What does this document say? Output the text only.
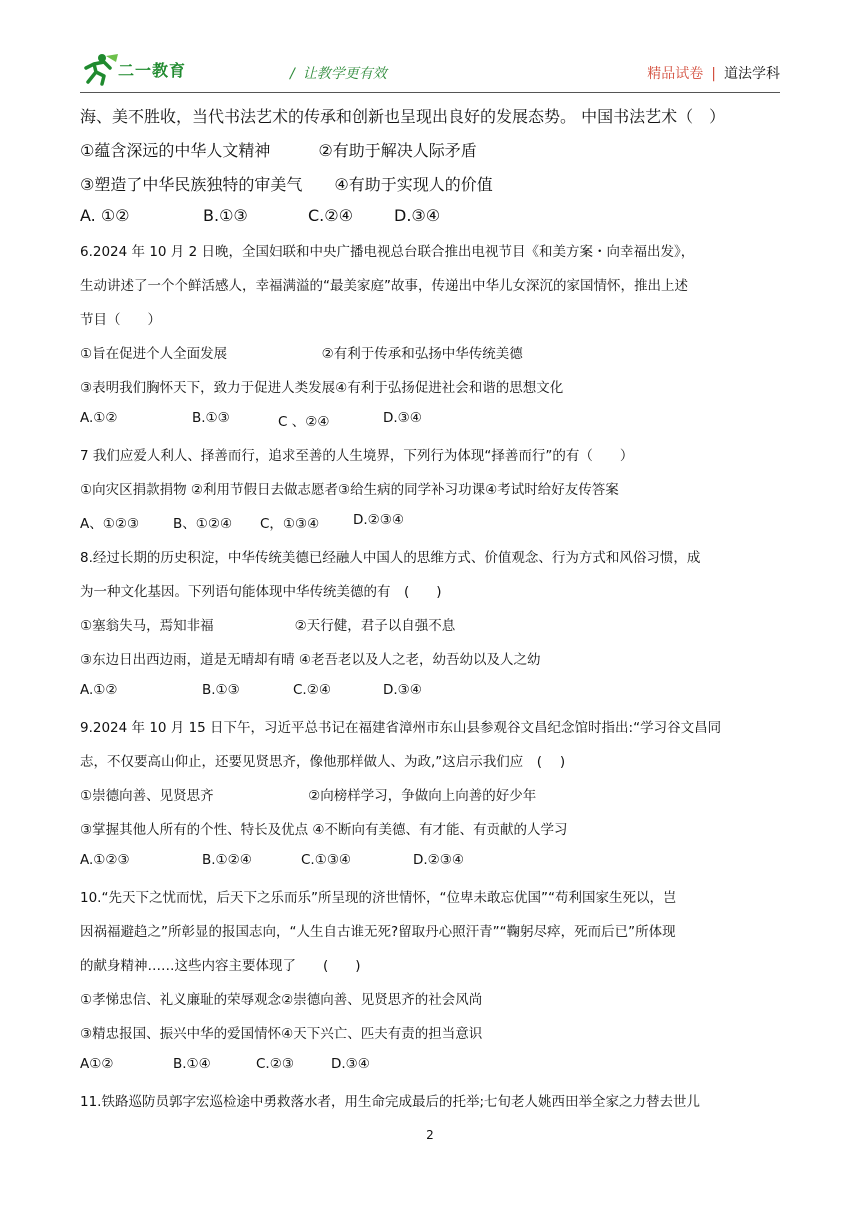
二一教育	/ 让教学更有效	精品试卷 | 道法学科
海、美不胜收，当代书法艺术的传承和创新也呈现出良好的发展态势。 中国书法艺术（　）
①蕴含深远的中华人文精神　　　②有助于解决人际矛盾
③塑造了中华民族独特的审美气　　④有助于实现人的价值
6.2024 年 10 月 2 日晚，全国妇联和中央广播电视总台联合推出电视节目《和美方案・向幸福出发》，
生动讲述了一个个鲜活感人，幸福满溢的“最美家庭”故事，传递出中华儿女深沉的家国情怀，推出上述
节目（　　）
①旨在促进个人全面发展　　　　　　　②有利于传承和弘扬中华传统美德
③表明我们胸怀天下，致力于促进人类发展④有利于弘扬促进社会和谐的思想文化
7 我们应爱人利人、择善而行，追求至善的人生境界，下列行为体现“择善而行”的有（　　）
①向灾区捐款捐物 ②利用节假日去做志愿者③给生病的同学补习功课④考试时给好友传答案
8.经过长期的历史积淀，中华传统美德已经融人中国人的思维方式、价值观念、行为方式和风俗习惯，成
为一种文化基因。下列语句能体现中华传统美德的有　(　　)
①塞翁失马，焉知非福　　　　　　②天行健，君子以自强不息
③东边日出西边雨，道是无晴却有晴 ④老吾老以及人之老，幼吾幼以及人之幼
9.2024 年 10 月 15 日下午，习近平总书记在福建省漳州市东山县参观谷文昌纪念馆时指出:“学习谷文昌同
志，不仅要高山仰止，还要见贤思齐，像他那样做人、为政,”这启示我们应　(　 )
①崇德向善、见贤思齐　　　　　　　②向榜样学习，争做向上向善的好少年
③掌握其他人所有的个性、特长及优点 ④不断向有美德、有才能、有贡献的人学习
10.“先天下之忧而忧，后天下之乐而乐”所呈现的济世情怀，“位卑未敢忘优国”“苟利国家生死以，岂
因祸福避趋之”所彰显的报国志向，“人生自古谁无死?留取丹心照汗青”“鞠躬尽瘁，死而后已”所体现
的献身精神……这些内容主要体现了　　(　　)
①孝悌忠信、礼义廉耻的荣辱观念②崇德向善、见贤思齐的社会风尚
③精忠报国、振兴中华的爱国情怀④天下兴亡、匹夫有责的担当意识
11.铁路巡防员郭字宏巡检途中勇救落水者，用生命完成最后的托举;七旬老人姚西田举全家之力替去世儿
A. ①②	B.①③	C.②④	D.③④
A.①②	B.①③	C 、②④	D.③④
A、①②③	B、①②④ C，①③④	D.②③④
A.①②	B.①③	C.②④	D.③④
A.①②③	B.①②④	C.①③④	D.②③④
A①②	B.①④	C.②③	D.③④
2
